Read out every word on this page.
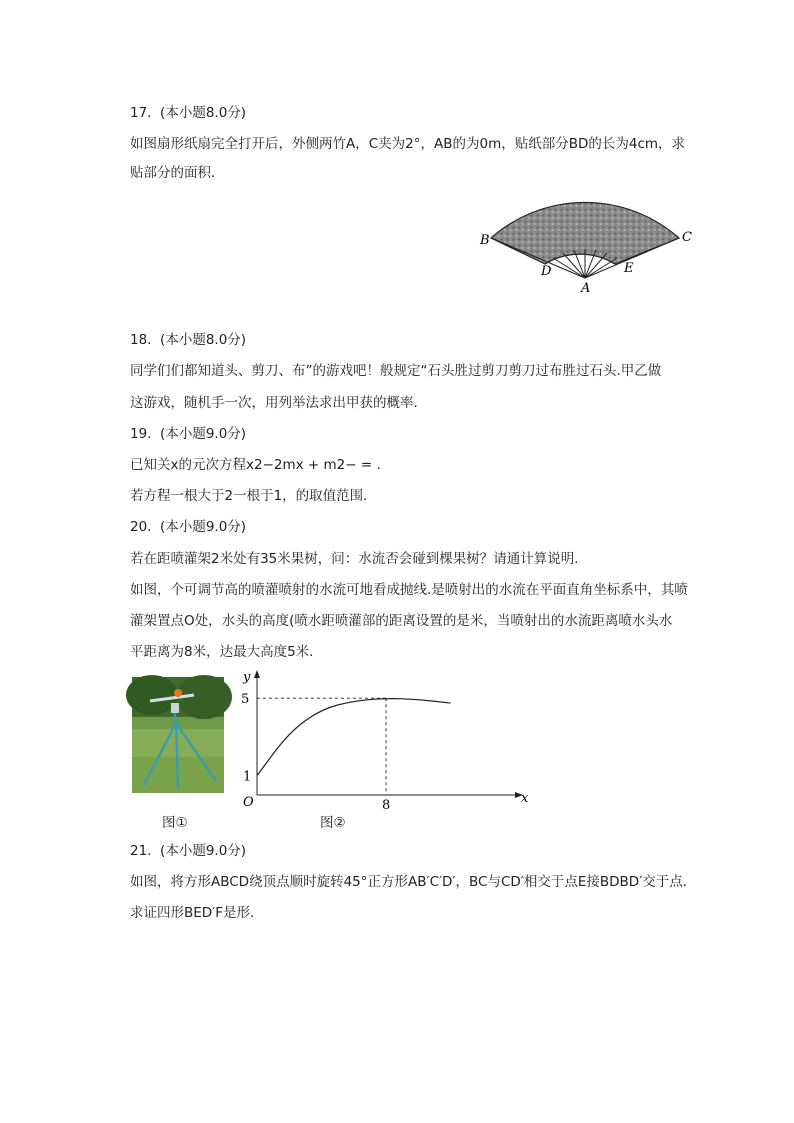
17.  (本小题8.0分)
如图扇形纸扇完全打开后，外侧两竹A，C夹为2°，AB的为0m，贴纸部分BD的长为4cm，求
贴部分的面积．
B	C
D	E
A
18.  (本小题8.0分)
同学们们都知道头、剪刀、布”的游戏吧！般规定“石头胜过剪刀剪刀过布胜过石头.甲乙做
这游戏，随机手一次，用列举法求出甲获的概率．
19.  (本小题9.0分)
已知关x的元次方程x2−2mx + m2− = .
若方程一根大于2一根于1，的取值范围．
20.  (本小题9.0分)
若在距喷灌架2米处有35米果树，问：水流否会碰到棵果树？请通计算说明．
如图，个可调节高的喷灌喷射的水流可地看成抛线.是喷射出的水流在平面直角坐标系中，其喷
灌架置点O处，水头的高度(喷水距喷灌部的距离设置的是米，当喷射出的水流距离喷水头水
平距离为8米，达最大高度5米．
图①
x
y
O	8
5
1
图②
21.  (本小题9.0分)
如图，将方形ABCD绕顶点顺时旋转45°正方形AB′C′D′，BC与CD′相交于点E接BDBD′交于点．
求证四形BED′F是形．
